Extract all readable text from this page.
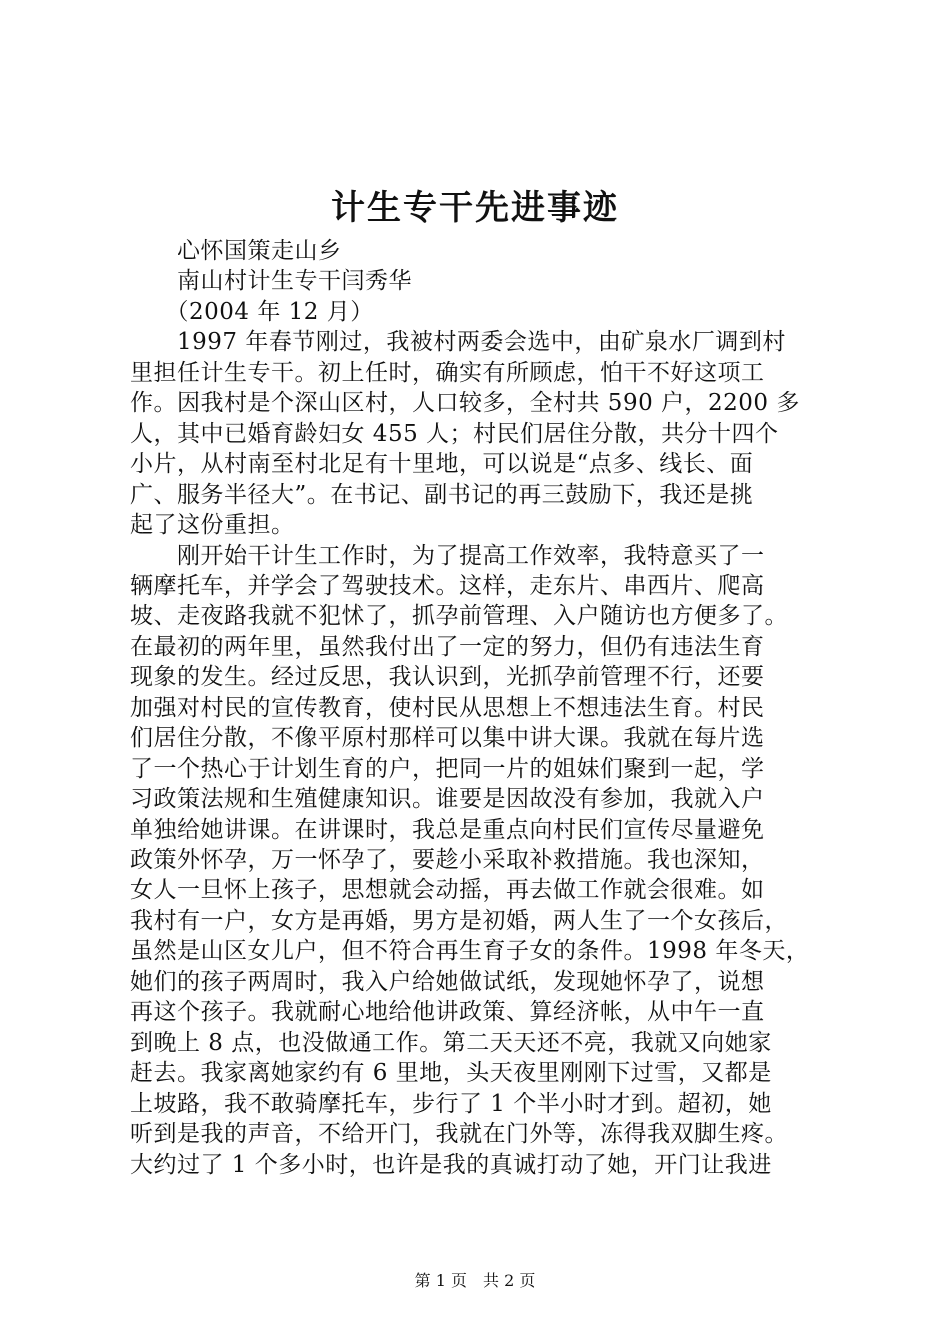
计生专干先进事迹
　　心怀国策走山乡
　　南山村计生专干闫秀华
　　（2004 年 12 月）
　　1997 年春节刚过，我被村两委会选中，由矿泉水厂调到村
里担任计生专干。初上任时，确实有所顾虑，怕干不好这项工
作。因我村是个深山区村，人口较多，全村共 590 户，2200 多
人，其中已婚育龄妇女 455 人；村民们居住分散，共分十四个
小片，从村南至村北足有十里地，可以说是“点多、线长、面
广、服务半径大”。在书记、副书记的再三鼓励下，我还是挑
起了这份重担。
　　刚开始干计生工作时，为了提高工作效率，我特意买了一
辆摩托车，并学会了驾驶技术。这样，走东片、串西片、爬高
坡、走夜路我就不犯怵了，抓孕前管理、入户随访也方便多了。
在最初的两年里，虽然我付出了一定的努力，但仍有违法生育
现象的发生。经过反思，我认识到，光抓孕前管理不行，还要
加强对村民的宣传教育，使村民从思想上不想违法生育。村民
们居住分散，不像平原村那样可以集中讲大课。我就在每片选
了一个热心于计划生育的户，把同一片的姐妹们聚到一起，学
习政策法规和生殖健康知识。谁要是因故没有参加，我就入户
单独给她讲课。在讲课时，我总是重点向村民们宣传尽量避免
政策外怀孕，万一怀孕了，要趁小采取补救措施。我也深知，
女人一旦怀上孩子，思想就会动摇，再去做工作就会很难。如
我村有一户，女方是再婚，男方是初婚，两人生了一个女孩后，
虽然是山区女儿户，但不符合再生育子女的条件。1998 年冬天，
她们的孩子两周时，我入户给她做试纸，发现她怀孕了，说想
再这个孩子。我就耐心地给他讲政策、算经济帐，从中午一直
到晚上 8 点，也没做通工作。第二天天还不亮，我就又向她家
赶去。我家离她家约有 6 里地，头天夜里刚刚下过雪，又都是
上坡路，我不敢骑摩托车，步行了 1 个半小时才到。超初，她
听到是我的声音，不给开门，我就在门外等，冻得我双脚生疼。
大约过了 1 个多小时，也许是我的真诚打动了她，开门让我进
第 1 页　共 2 页
